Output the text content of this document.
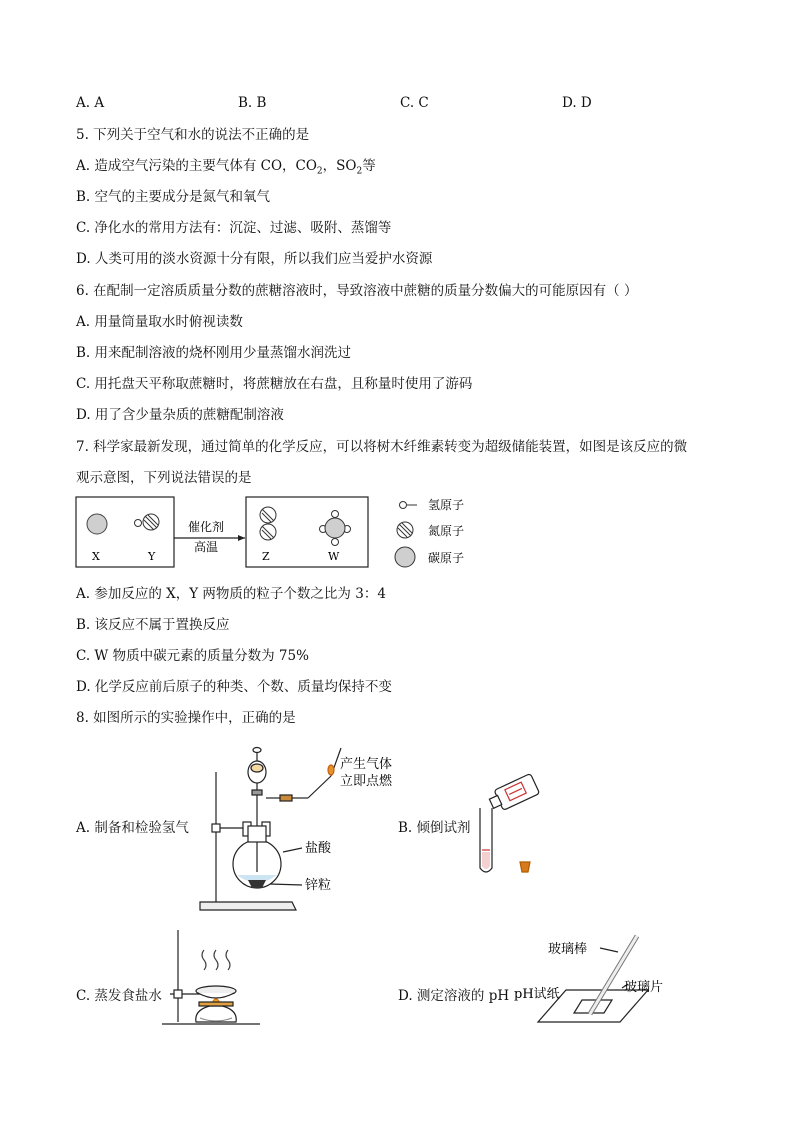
A. A	B. B	C. C	D. D
5. 下列关于空气和水的说法不正确的是
A. 造成空气污染的主要气体有 CO，$CO_2$，$SO_2$等
B. 空气的主要成分是氮气和氧气
C. 净化水的常用方法有：沉淀、过滤、吸附、蒸馏等
D. 人类可用的淡水资源十分有限，所以我们应当爱护水资源
6. 在配制一定溶质质量分数的蔗糖溶液时，导致溶液中蔗糖的质量分数偏大的可能原因有（ ）
A. 用量筒量取水时俯视读数
B. 用来配制溶液的烧杯刚用少量蒸馏水润洗过
C. 用托盘天平称取蔗糖时，将蔗糖放在右盘，且称量时使用了游码
D. 用了含少量杂质的蔗糖配制溶液
7. 科学家最新发现，通过简单的化学反应，可以将树木纤维素转变为超级储能装置，如图是该反应的微
观示意图，下列说法错误的是
X	Y
催化剂
高温
Z	W
氢原子
氮原子
碳原子
A. 参加反应的 X，Y 两物质的粒子个数之比为 3：4
B. 该反应不属于置换反应
C. W 物质中碳元素的质量分数为 75%
D. 化学反应前后原子的种类、个数、质量均保持不变
8. 如图所示的实验操作中，正确的是
A. 制备和检验氢气	B. 倾倒试剂
C. 蒸发食盐水	D. 测定溶液的 pH
产生气体
立即点燃
盐酸
锌粒
玻璃棒
玻璃片
pH试纸
